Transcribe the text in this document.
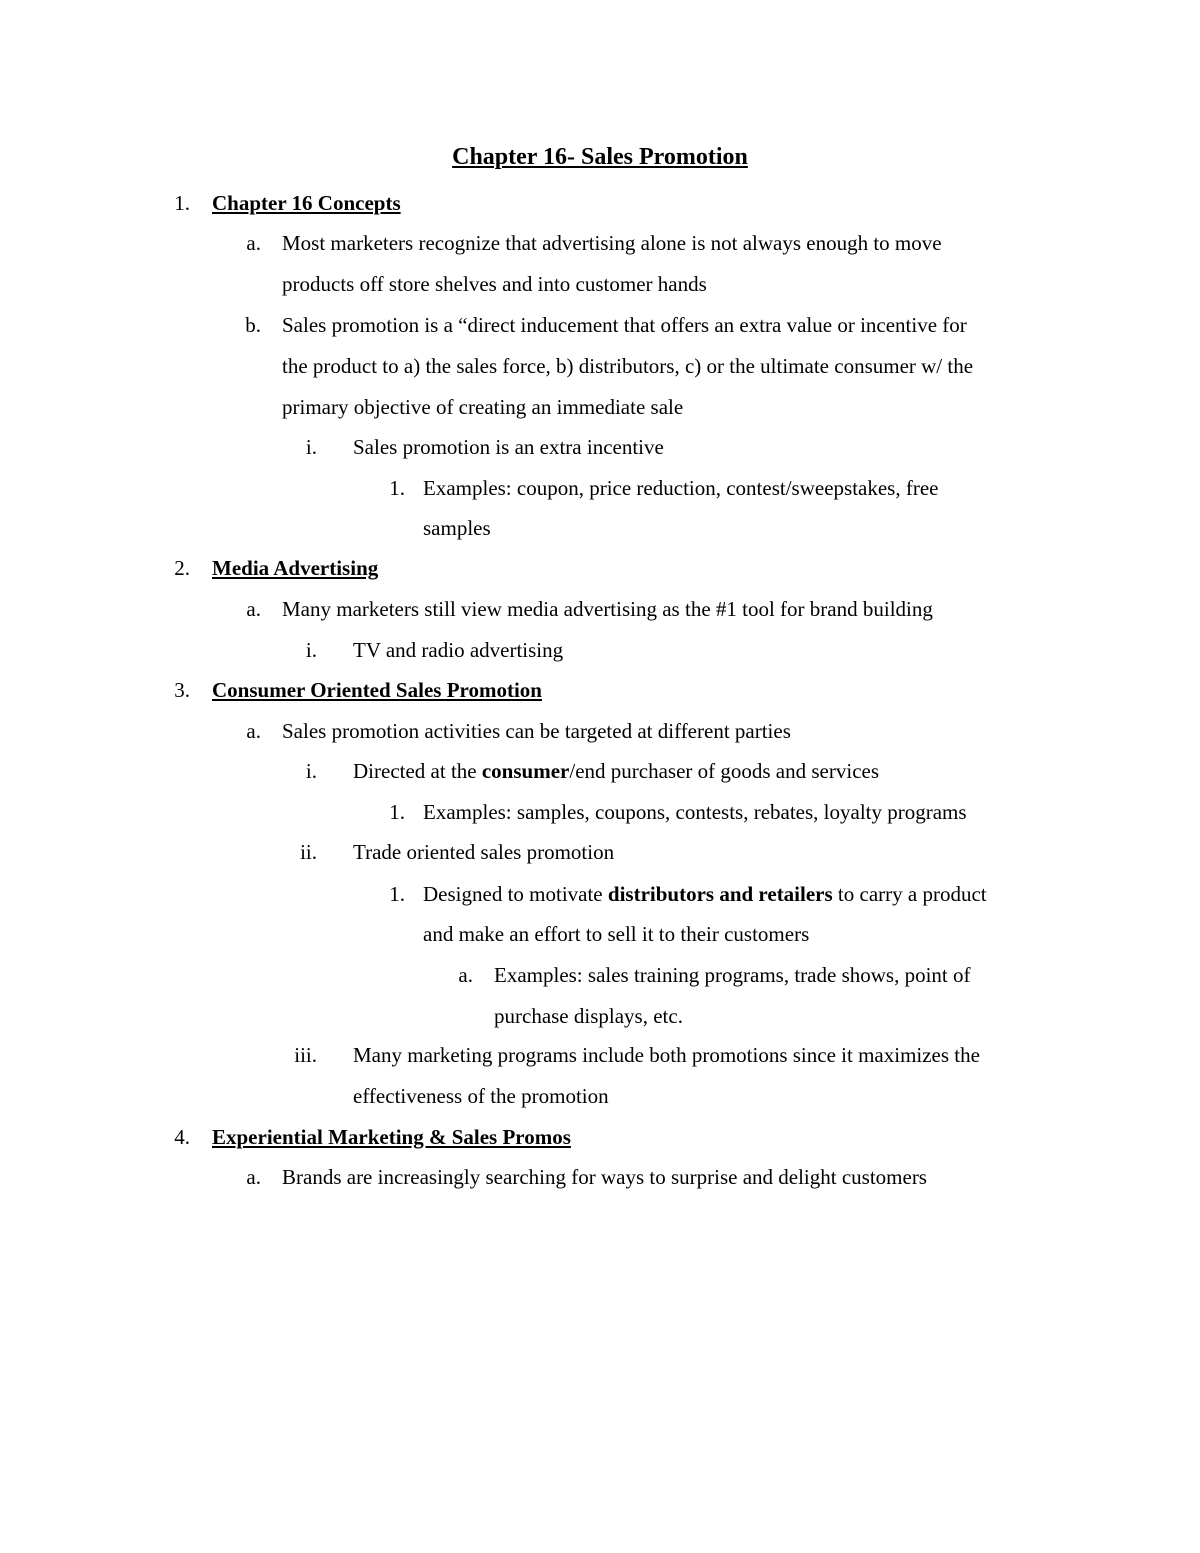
Chapter 16- Sales Promotion
1. Chapter 16 Concepts
a. Most marketers recognize that advertising alone is not always enough to move
products off store shelves and into customer hands
b. Sales promotion is a “direct inducement that offers an extra value or incentive for
the product to a) the sales force, b) distributors, c) or the ultimate consumer w/ the
primary objective of creating an immediate sale
i. Sales promotion is an extra incentive
1. Examples: coupon, price reduction, contest/sweepstakes, free
samples
2. Media Advertising
a. Many marketers still view media advertising as the #1 tool for brand building
i. TV and radio advertising
3. Consumer Oriented Sales Promotion
a. Sales promotion activities can be targeted at different parties
i. Directed at the consumer/end purchaser of goods and services
1. Examples: samples, coupons, contests, rebates, loyalty programs
ii. Trade oriented sales promotion
1. Designed to motivate distributors and retailers to carry a product
and make an effort to sell it to their customers
a. Examples: sales training programs, trade shows, point of
purchase displays, etc.
iii. Many marketing programs include both promotions since it maximizes the
effectiveness of the promotion
4. Experiential Marketing & Sales Promos
a. Brands are increasingly searching for ways to surprise and delight customers
